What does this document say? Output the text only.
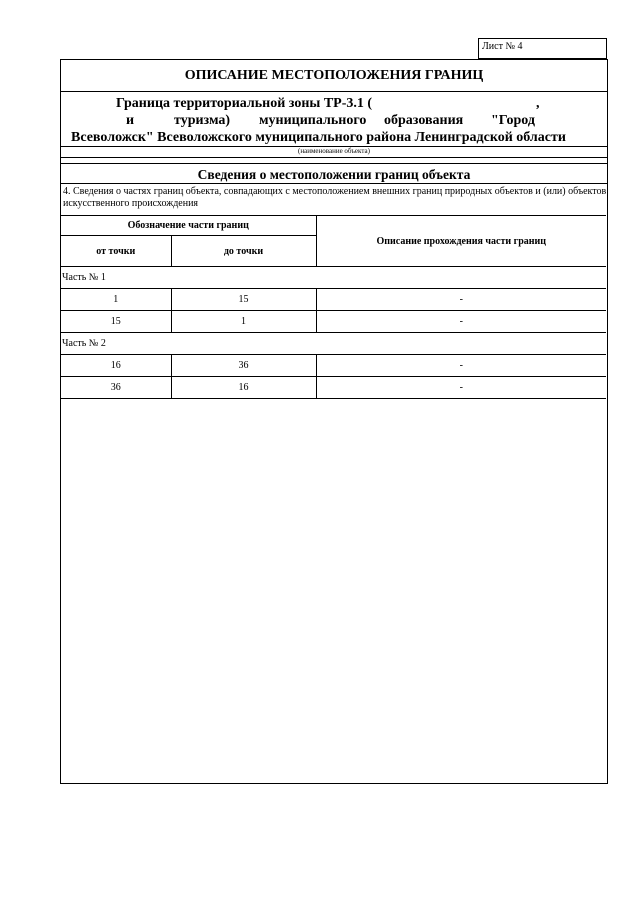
Лист № 4
ОПИСАНИЕ МЕСТОПОЛОЖЕНИЯ ГРАНИЦ
Граница территориальной зоны ТР-3.1 (	,
и	туризма) муниципального образования "Город
Всеволожск" Всеволожского муниципального района Ленинградской области
(наименование объекта)
Сведения о местоположении границ объекта
4. Сведения о частях границ объекта, совпадающих с местоположением внешних границ природных объектов и (или) объектов искусственного происхождения
Обозначение части границ		Описание прохождения части границ
от точки	до точки	
Часть № 1		
1	15	-
15	1	-
Часть № 2		
16	36	-
36	16	-
